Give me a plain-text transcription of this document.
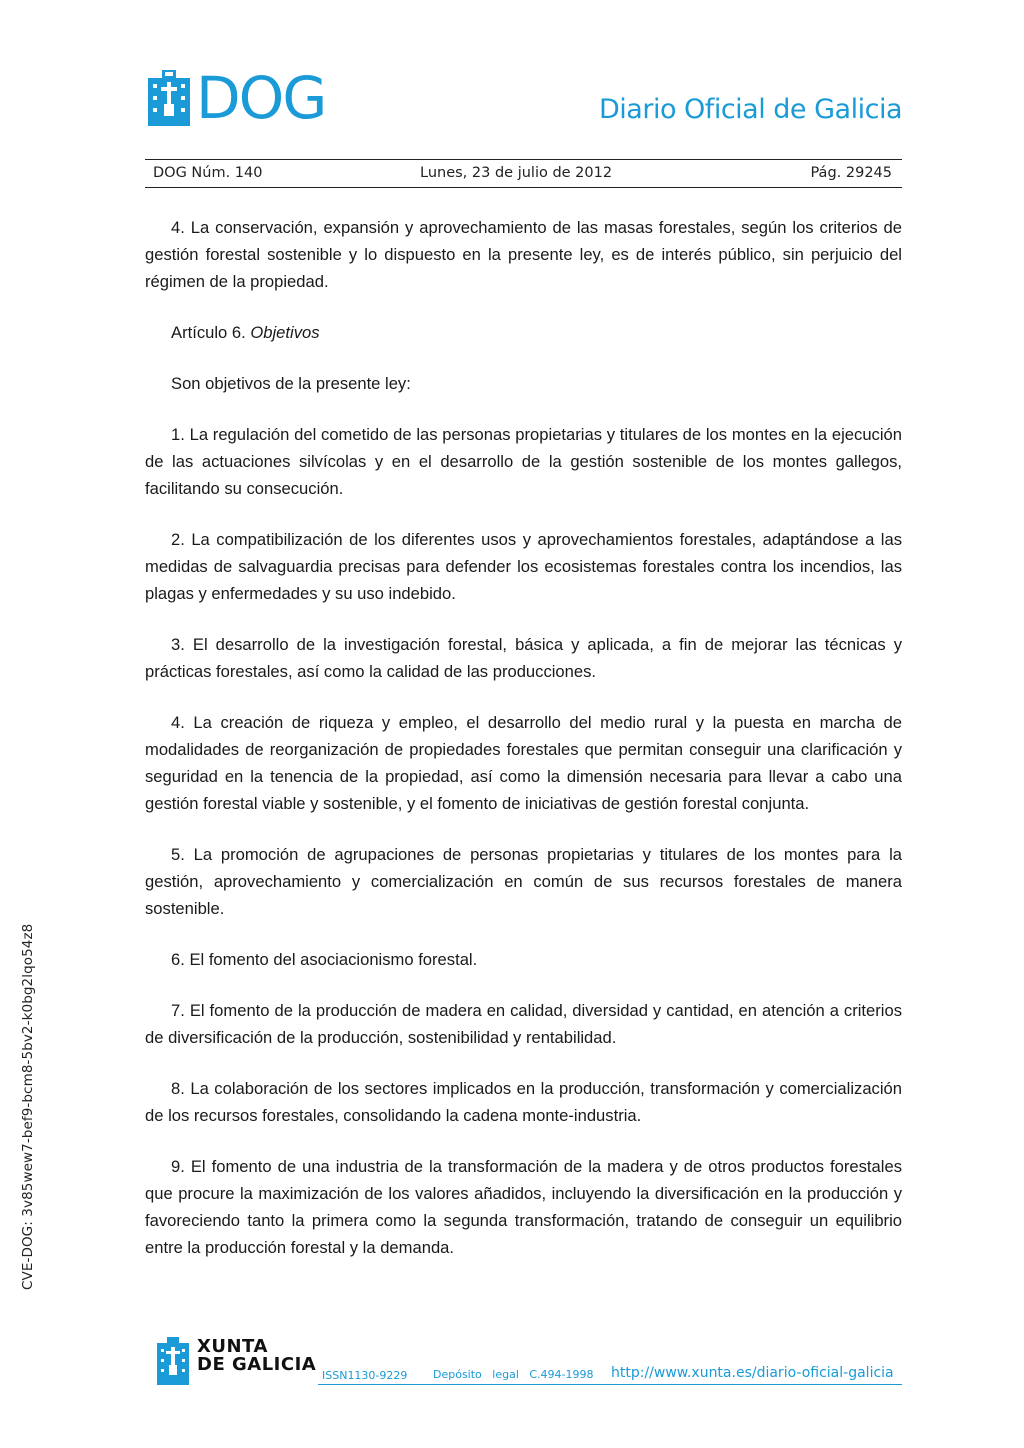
DOG	Diario Oficial de Galicia
DOG Núm. 140	Lunes, 23 de julio de 2012	Pág. 29245

4. La conservación, expansión y aprovechamiento de las masas forestales, según los criterios de gestión forestal sostenible y lo dispuesto en la presente ley, es de interés público, sin perjuicio del régimen de la propiedad.

Artículo 6. Objetivos

Son objetivos de la presente ley:

1. La regulación del cometido de las personas propietarias y titulares de los montes en la ejecución de las actuaciones silvícolas y en el desarrollo de la gestión sostenible de los montes gallegos, facilitando su consecución.

2. La compatibilización de los diferentes usos y aprovechamientos forestales, adaptándose a las medidas de salvaguardia precisas para defender los ecosistemas forestales contra los incendios, las plagas y enfermedades y su uso indebido.

3. El desarrollo de la investigación forestal, básica y aplicada, a fin de mejorar las técnicas y prácticas forestales, así como la calidad de las producciones.

4. La creación de riqueza y empleo, el desarrollo del medio rural y la puesta en marcha de modalidades de reorganización de propiedades forestales que permitan conseguir una clarificación y seguridad en la tenencia de la propiedad, así como la dimensión necesaria para llevar a cabo una gestión forestal viable y sostenible, y el fomento de iniciativas de gestión forestal conjunta.

5. La promoción de agrupaciones de personas propietarias y titulares de los montes para la gestión, aprovechamiento y comercialización en común de sus recursos forestales de manera sostenible.

6. El fomento del asociacionismo forestal.

7. El fomento de la producción de madera en calidad, diversidad y cantidad, en atención a criterios de diversificación de la producción, sostenibilidad y rentabilidad.

8. La colaboración de los sectores implicados en la producción, transformación y comercialización de los recursos forestales, consolidando la cadena monte-industria.

9. El fomento de una industria de la transformación de la madera y de otros productos forestales que procure la maximización de los valores añadidos, incluyendo la diversificación en la producción y favoreciendo tanto la primera como la segunda transformación, tratando de conseguir un equilibrio entre la producción forestal y la demanda.

CVE-DOG: 3v85wew7-bef9-bcm8-5bv2-k0bg2lqo54z8
XUNTA
DE GALICIA
ISSN1130-9229 Depósito   legal   C.494-1998 http://www.xunta.es/diario-oficial-galicia
